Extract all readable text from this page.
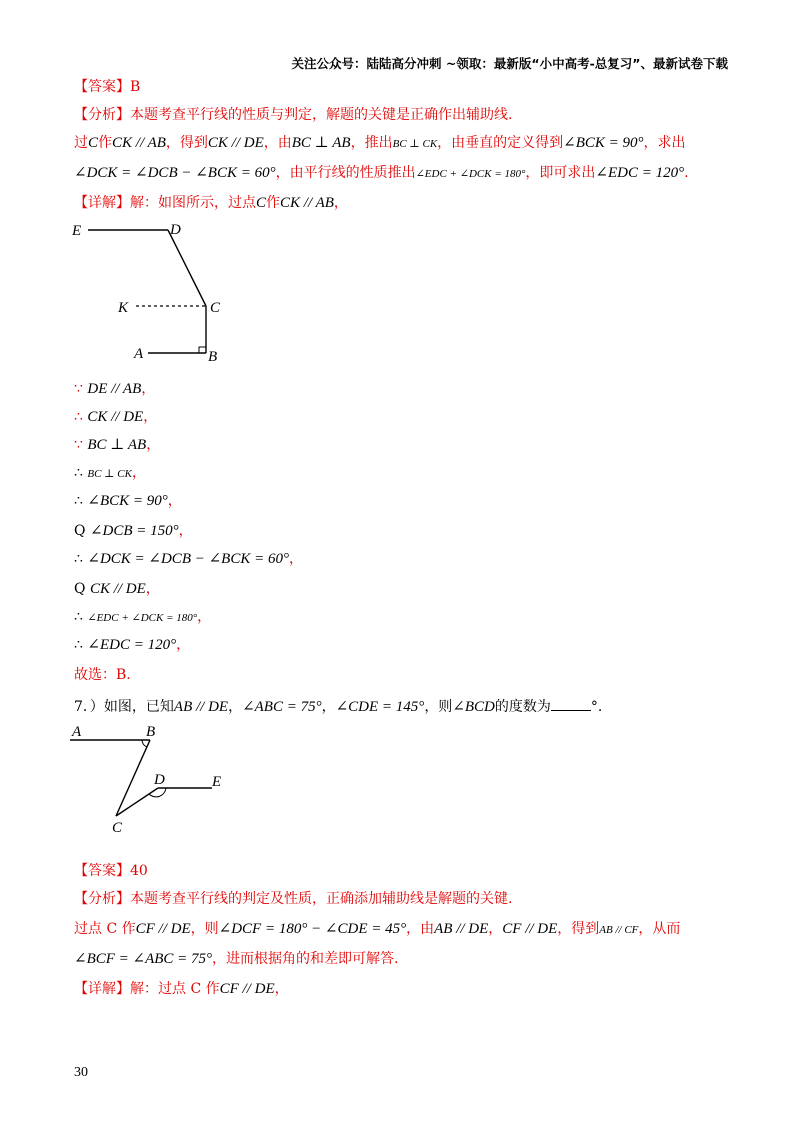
关注公众号：陆陆高分冲刺 ~领取：最新版“小中高考-总复习”、最新试卷下载
【答案】B
【分析】本题考查平行线的性质与判定，解题的关键是正确作出辅助线.
过C作CK // AB，得到CK // DE，由BC ⊥ AB，推出BC ⊥ CK，由垂直的定义得到∠BCK = 90°，求出
∠DCK = ∠DCB − ∠BCK = 60°，由平行线的性质推出∠EDC + ∠DCK = 180°，即可求出∠EDC = 120°.
【详解】解：如图所示，过点C作CK // AB，
E	D
K	C
A	B
∵ DE // AB，
∴ CK // DE，
∵ BC ⊥ AB，
∴ BC ⊥ CK，
∴ ∠BCK = 90°，
Q ∠DCB = 150°，
∴ ∠DCK = ∠DCB − ∠BCK = 60°，
Q CK // DE，
∴ ∠EDC + ∠DCK = 180°，
∴ ∠EDC = 120°，
故选：B.
7．）如图，已知AB // DE，∠ABC = 75°，∠CDE = 145°，则∠BCD的度数为	°.
A	B
C
D	E
【答案】40
【分析】本题考查平行线的判定及性质，正确添加辅助线是解题的关键.
过点 C 作CF // DE，则∠DCF = 180° − ∠CDE = 45°，由AB // DE，CF // DE，得到AB // CF，从而
∠BCF = ∠ABC = 75°，进而根据角的和差即可解答.
【详解】解：过点 C 作CF // DE，
30
